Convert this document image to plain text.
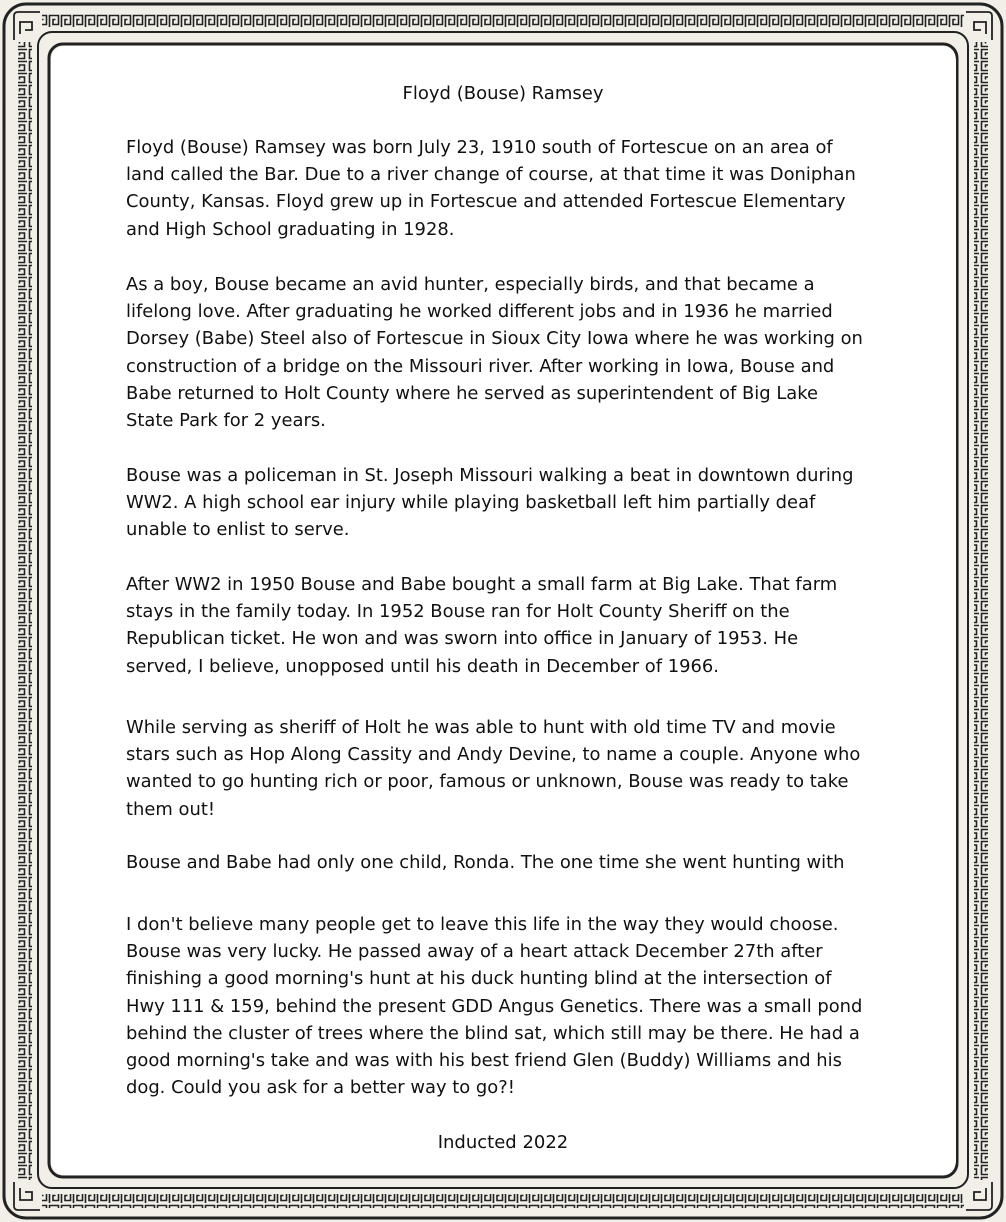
Floyd (Bouse) Ramsey
Floyd (Bouse) Ramsey was born July 23, 1910 south of Fortescue on an area of
land called the Bar. Due to a river change of course, at that time it was Doniphan
County, Kansas. Floyd grew up in Fortescue and attended Fortescue Elementary
and High School graduating in 1928.
As a boy, Bouse became an avid hunter, especially birds, and that became a
lifelong love. After graduating he worked different jobs and in 1936 he married
Dorsey (Babe) Steel also of Fortescue in Sioux City Iowa where he was working on
construction of a bridge on the Missouri river. After working in Iowa, Bouse and
Babe returned to Holt County where he served as superintendent of Big Lake
State Park for 2 years.
Bouse was a policeman in St. Joseph Missouri walking a beat in downtown during
WW2. A high school ear injury while playing basketball left him partially deaf
unable to enlist to serve.
After WW2 in 1950 Bouse and Babe bought a small farm at Big Lake. That farm
stays in the family today. In 1952 Bouse ran for Holt County Sheriff on the
Republican ticket. He won and was sworn into office in January of 1953. He
served, I believe, unopposed until his death in December of 1966.
While serving as sheriff of Holt he was able to hunt with old time TV and movie
stars such as Hop Along Cassity and Andy Devine, to name a couple. Anyone who
wanted to go hunting rich or poor, famous or unknown, Bouse was ready to take
them out!
Bouse and Babe had only one child, Ronda. The one time she went hunting with
I don't believe many people get to leave this life in the way they would choose.
Bouse was very lucky. He passed away of a heart attack December 27th after
finishing a good morning's hunt at his duck hunting blind at the intersection of
Hwy 111 & 159, behind the present GDD Angus Genetics. There was a small pond
behind the cluster of trees where the blind sat, which still may be there. He had a
good morning's take and was with his best friend Glen (Buddy) Williams and his
dog. Could you ask for a better way to go?!
Inducted 2022
